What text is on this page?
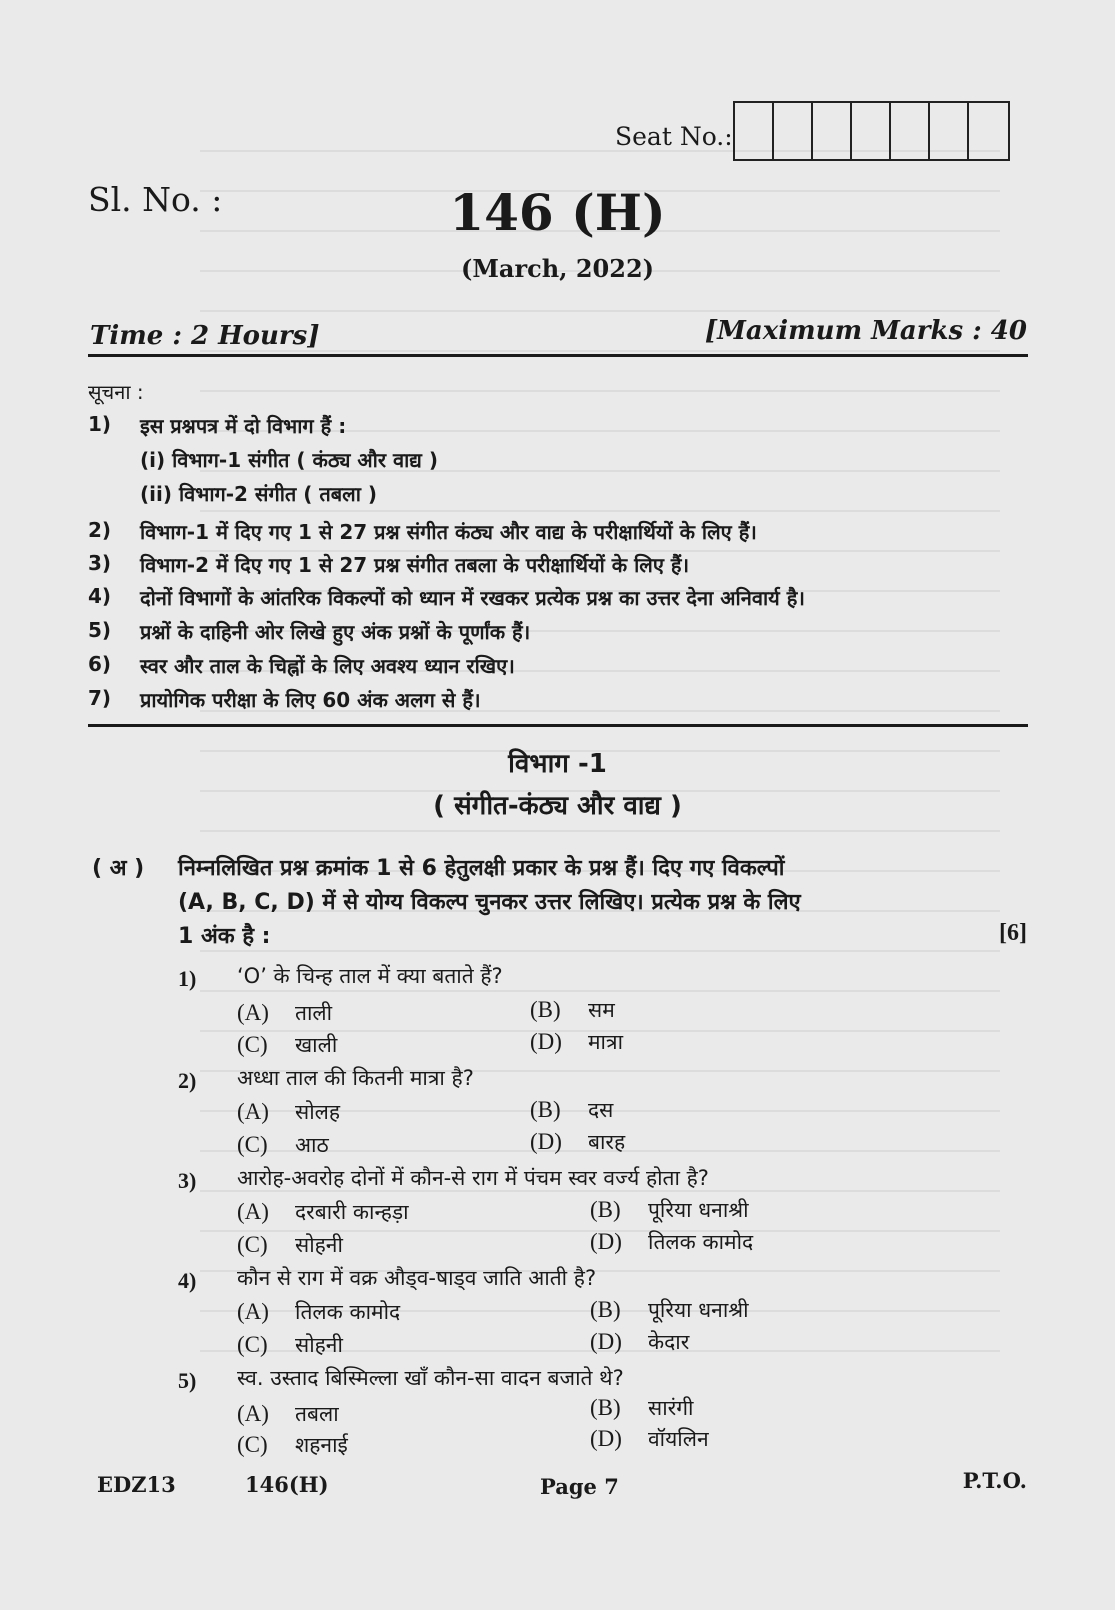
Seat No.:
Sl. No. :	146 (H)
(March, 2022)
Time : 2 Hours]	[Maximum Marks : 40
सूचना :
1)	इस प्रश्नपत्र में दो विभाग हैं :
(i) विभाग-1 संगीत ( कंठ्य और वाद्य )
(ii) विभाग-2 संगीत ( तबला )
2)	विभाग-1 में दिए गए 1 से 27 प्रश्न संगीत कंठ्य और वाद्य के परीक्षार्थियों के लिए हैं।
3)	विभाग-2 में दिए गए 1 से 27 प्रश्न संगीत तबला के परीक्षार्थियों के लिए हैं।
4)	दोनों विभागों के आंतरिक विकल्पों को ध्यान में रखकर प्रत्येक प्रश्न का उत्तर देना अनिवार्य है।
5)	प्रश्नों के दाहिनी ओर लिखे हुए अंक प्रश्नों के पूर्णांक हैं।
6)	स्वर और ताल के चिह्नों के लिए अवश्य ध्यान रखिए।
7)	प्रायोगिक परीक्षा के लिए 60 अंक अलग से हैं।
विभाग -1
( संगीत-कंठ्य और वाद्य )
( अ ) निम्नलिखित प्रश्न क्रमांक 1 से 6 हेतुलक्षी प्रकार के प्रश्न हैं। दिए गए विकल्पों
(A, B, C, D) में से योग्य विकल्प चुनकर उत्तर लिखिए। प्रत्येक प्रश्न के लिए
1 अंक है :	[6]
1) ‘O’ के चिन्ह ताल में क्या बताते हैं?
(A) ताली	(B) सम
(C) खाली	(D) मात्रा
2) अध्धा ताल की कितनी मात्रा है?
(A) सोलह	(B) दस
(C) आठ	(D) बारह
3) आरोह-अवरोह दोनों में कौन-से राग में पंचम स्वर वर्ज्य होता है?
(A) दरबारी कान्हड़ा	(B) पूरिया धनाश्री
(C) सोहनी	(D) तिलक कामोद
4) कौन से राग में वक्र औड्व-षाड्व जाति आती है?
(A) तिलक कामोद	(B) पूरिया धनाश्री
(C) सोहनी	(D) केदार
5) स्व. उस्ताद बिस्मिल्ला खाँ कौन-सा वादन बजाते थे?
(A) तबला	(B) सारंगी
(C) शहनाई	(D) वॉयलिन
EDZ13	146(H)	Page 7	P.T.O.
